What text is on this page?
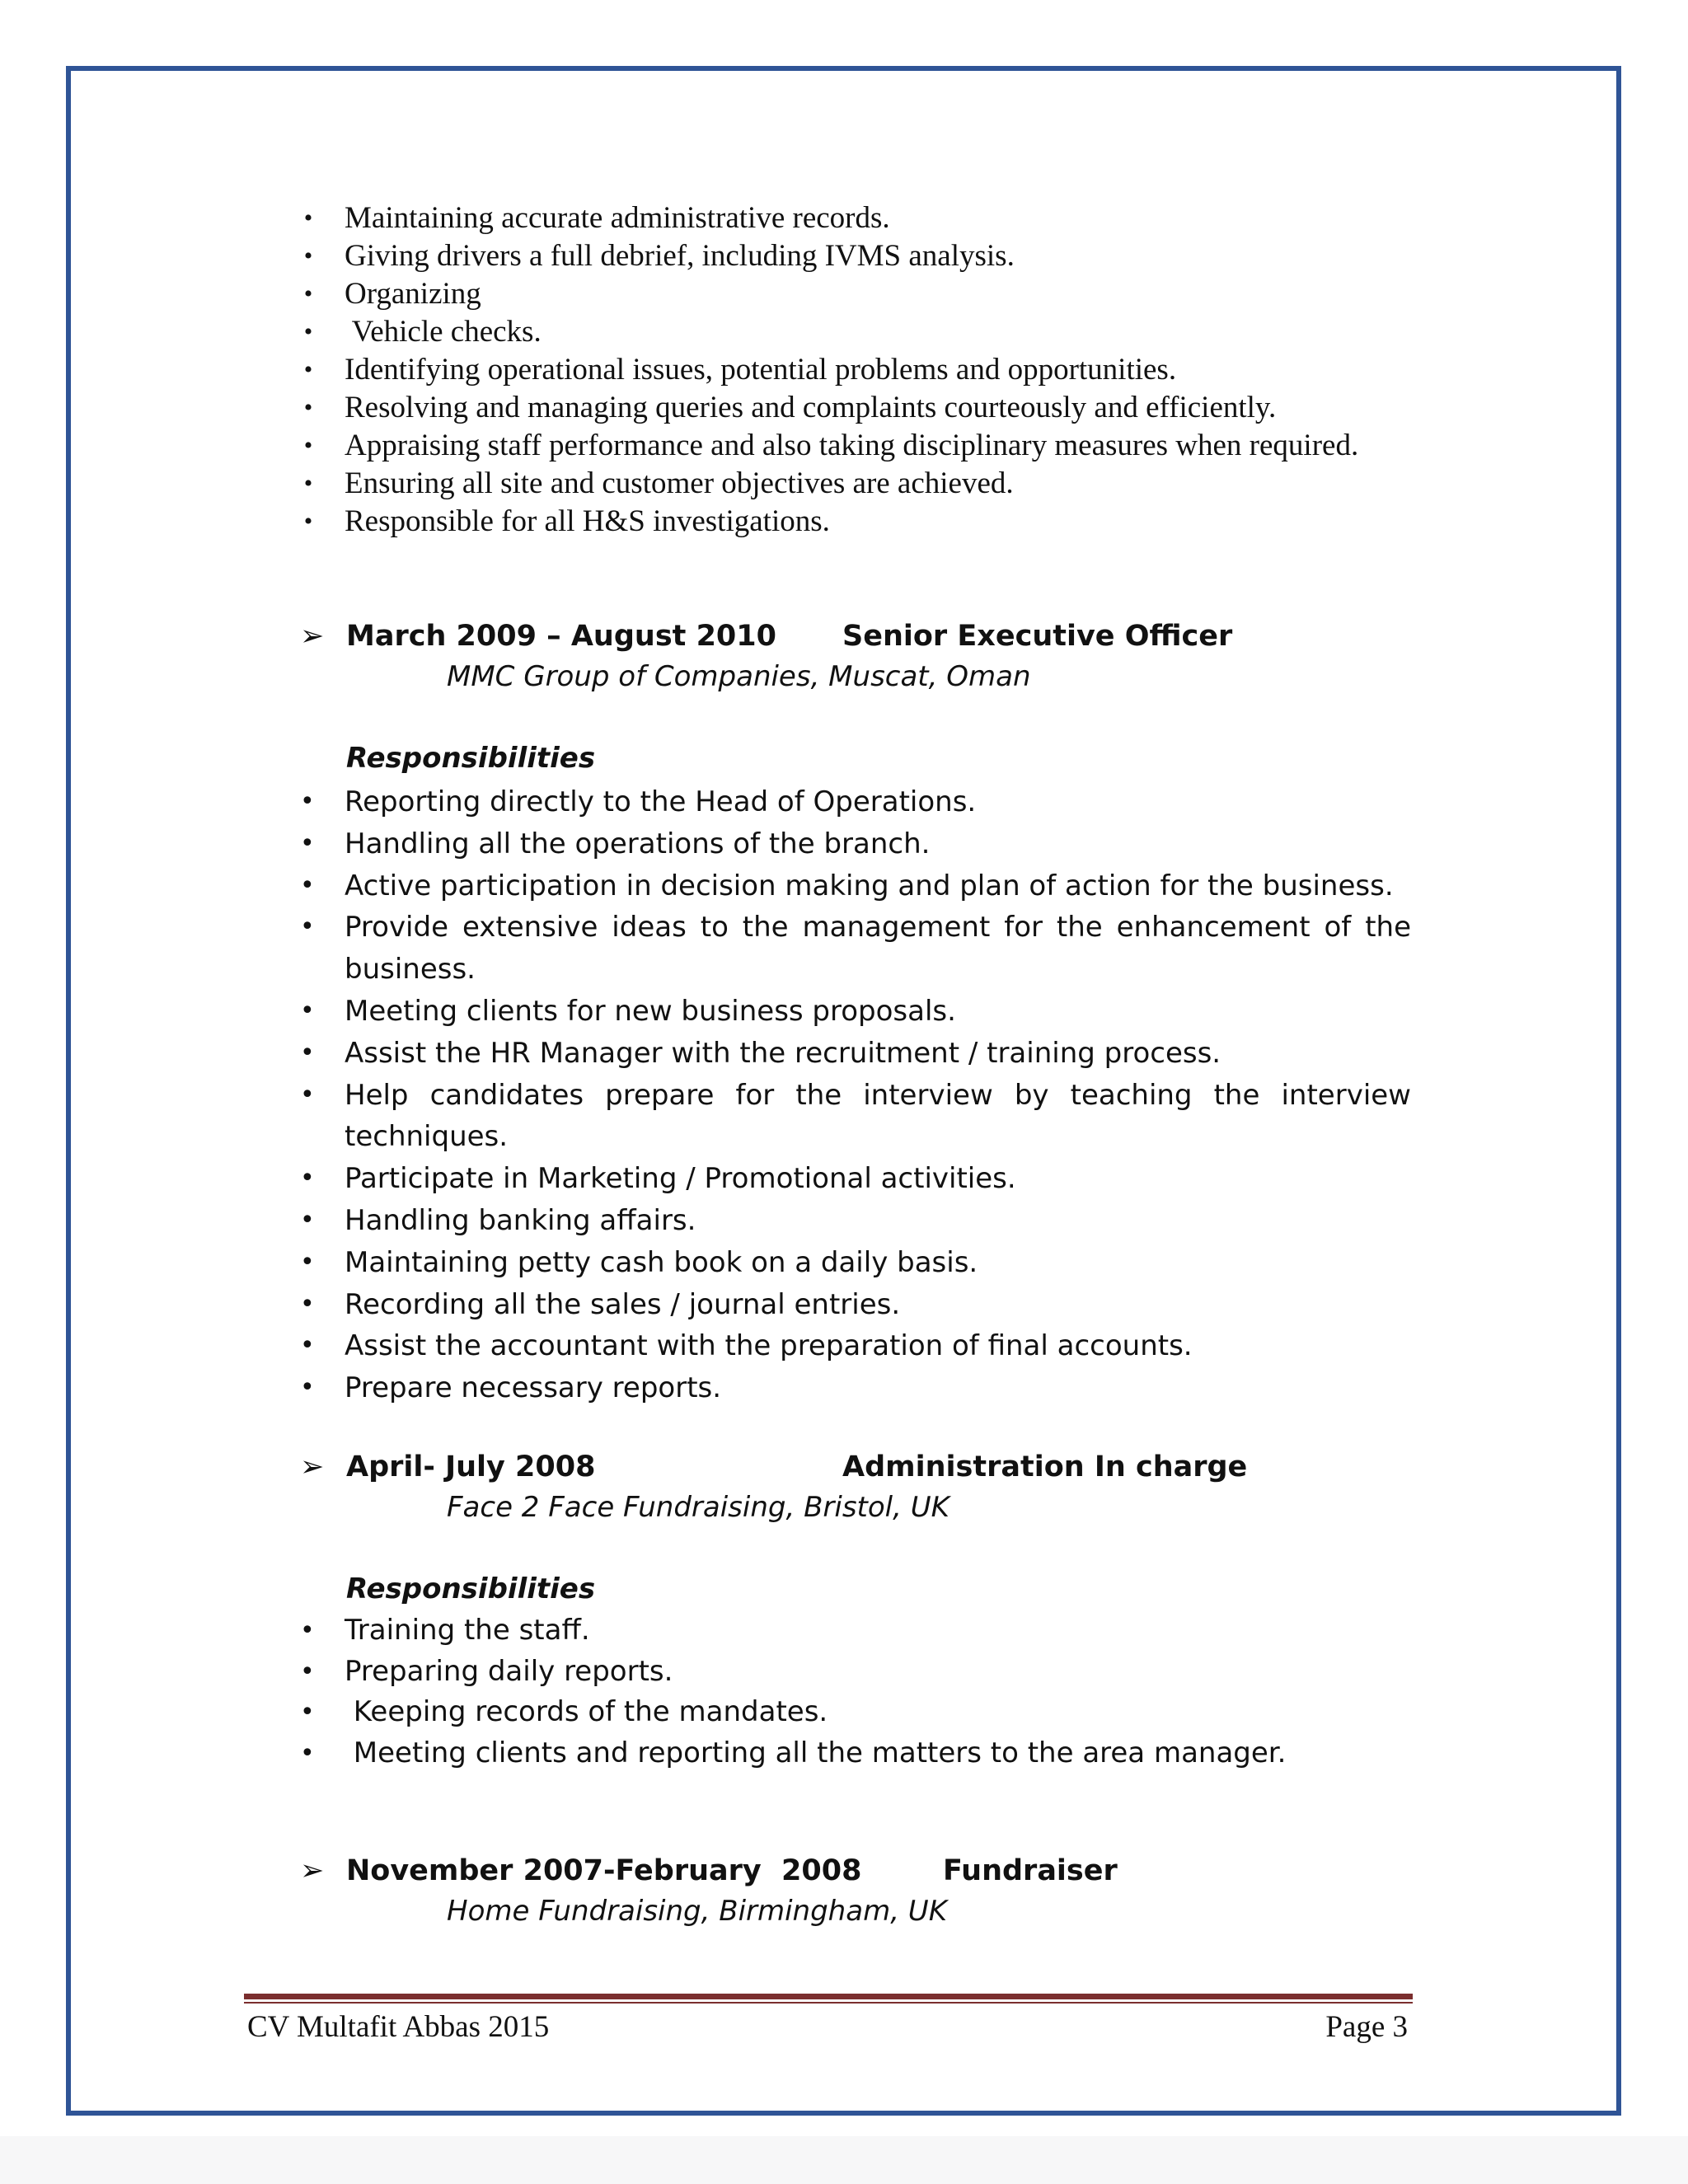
• Maintaining accurate administrative records.
• Giving drivers a full debrief, including IVMS analysis.
• Organizing
• Vehicle checks.
• Identifying operational issues, potential problems and opportunities.
• Resolving and managing queries and complaints courteously and efficiently.
• Appraising staff performance and also taking disciplinary measures when required.
• Ensuring all site and customer objectives are achieved.
• Responsible for all H&S investigations.
➢ March 2009 – August 2010 Senior Executive Officer
MMC Group of Companies, Muscat, Oman
Responsibilities
• Reporting directly to the Head of Operations.
• Handling all the operations of the branch.
• Active participation in decision making and plan of action for the business.
• Provide extensive ideas to the management for the enhancement of the business.
• Meeting clients for new business proposals.
• Assist the HR Manager with the recruitment / training process.
• Help candidates prepare for the interview by teaching the interview techniques.
• Participate in Marketing / Promotional activities.
• Handling banking affairs.
• Maintaining petty cash book on a daily basis.
• Recording all the sales / journal entries.
• Assist the accountant with the preparation of final accounts.
• Prepare necessary reports.
➢ April- July 2008	Administration In charge
Face 2 Face Fundraising, Bristol, UK
Responsibilities
• Training the staff.
• Preparing daily reports.
• Keeping records of the mandates.
• Meeting clients and reporting all the matters to the area manager.
➢ November 2007-February  2008	Fundraiser
Home Fundraising, Birmingham, UK
CV Multafit Abbas 2015	Page 3
